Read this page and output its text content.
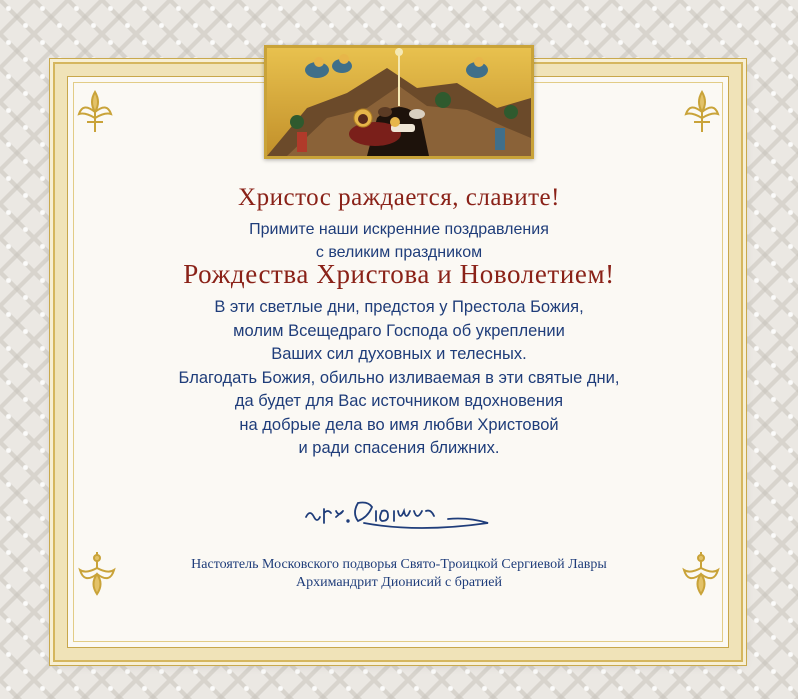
Христос раждается, славите!
Примите наши искренние поздравления
с великим праздником
Рождества Христова и Новолетием!
В эти светлые дни, предстоя у Престола Божия,
молим Всещедраго Господа об укреплении
Ваших сил духовных и телесных.
Благодать Божия, обильно изливаемая в эти святые дни,
да будет для Вас источником вдохновения
на добрые дела во имя любви Христовой
и ради спасения ближних.
Настоятель Московского подворья Свято-Троицкой Сергиевой Лавры
Архимандрит Дионисий с братией
